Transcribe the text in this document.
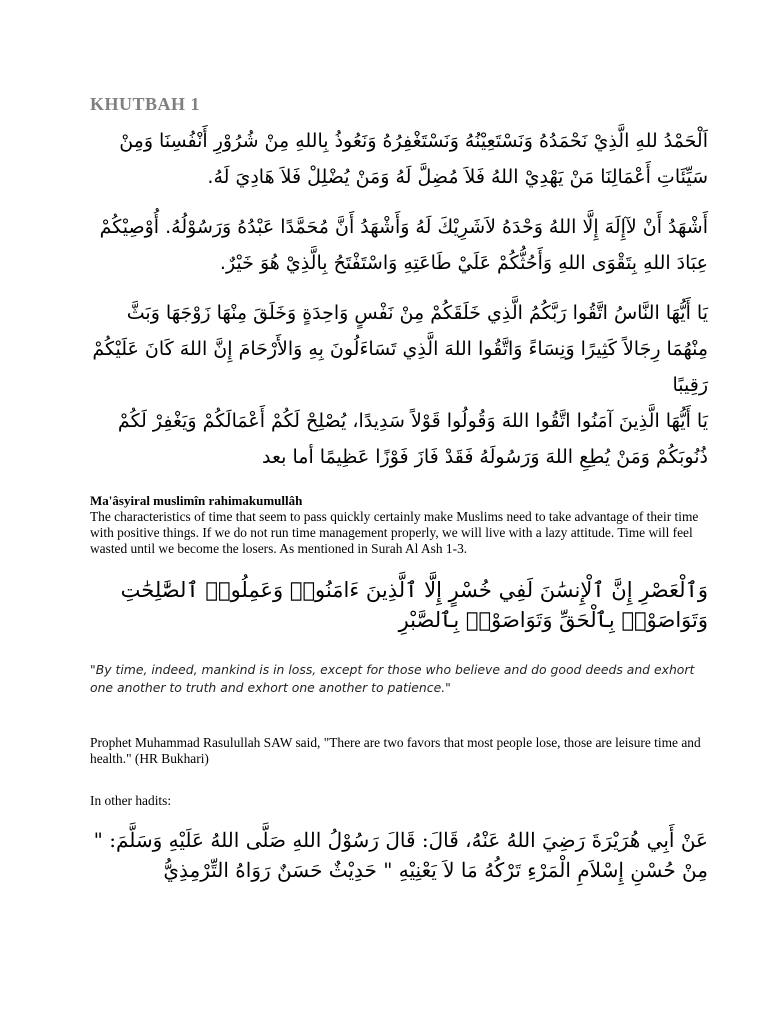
KHUTBAH 1

اَلْحَمْدُ للهِ الَّذِيْ نَحْمَدُهُ وَنَسْتَعِيْنُهُ وَنَسْتَغْفِرُهُ وَنَعُوذُ بِاللهِ مِنْ شُرُوْرِ أَنْفُسِنَا وَمِنْ سَيِّئَاتِ أَعْمَالِنَا مَنْ يَهْدِيْ اللهُ فَلاَ مُضِلَّ لَهُ وَمَنْ يُضْلِلْ فَلاَ هَادِيَ لَهُ.

أَشْهَدُ أَنْ لآإِلَهَ إِلَّا اللهُ وَحْدَهُ لاَشَرِيْكَ لَهُ وَأَشْهَدُ أَنَّ مُحَمَّدًا عَبْدُهُ وَرَسُوْلُهُ. أُوْصِيْكُمْ عِبَادَ اللهِ بِتَقْوَى اللهِ وَأَحُثُّكُمْ عَلَيْ طَاعَتِهِ وَاسْتَفْتَحُ بِالَّذِيْ هُوَ خَيْرٌ.

يَا أَيُّهَا النَّاسُ اتَّقُوا رَبَّكُمُ الَّذِي خَلَقَكُمْ مِنْ نَفْسٍ وَاحِدَةٍ وَخَلَقَ مِنْهَا زَوْجَهَا وَبَثَّ مِنْهُمَا رِجَالاً كَثِيرًا وَنِسَاءً وَاتَّقُوا اللهَ الَّذِي تَسَاءَلُونَ بِهِ وَالأَرْحَامَ إِنَّ اللهَ كَانَ عَلَيْكُمْ رَقِيبًا

يَا أَيُّهَا الَّذِينَ آمَنُوا اتَّقُوا اللهَ وَقُولُوا قَوْلاً سَدِيدًا، يُصْلِحْ لَكُمْ أَعْمَالَكُمْ وَيَغْفِرْ لَكُمْ ذُنُوبَكُمْ وَمَنْ يُطِعِ اللهَ وَرَسُولَهُ فَقَدْ فَازَ فَوْزًا عَظِيمًا أما بعد

Ma'âsyiral muslimîn rahimakumullâh

The characteristics of time that seem to pass quickly certainly make Muslims need to take advantage of their time with positive things. If we do not run time management properly, we will live with a lazy attitude. Time will feel wasted until we become the losers. As mentioned in Surah Al Ash 1-3.

وَٱلْعَصْرِ إِنَّ ٱلْإِنسَٰنَ لَفِي خُسْرٍ إِلَّا ٱلَّذِينَ ءَامَنُوا۟ وَعَمِلُوا۟ ٱلصَّٰلِحَٰتِ وَتَوَاصَوْا۟ بِٱلْحَقِّ وَتَوَاصَوْا۟ بِٱلصَّبْرِ

"By time, indeed, mankind is in loss, except for those who believe and do good deeds and exhort one another to truth and exhort one another to patience."

Prophet Muhammad Rasulullah SAW said, "There are two favors that most people lose, those are leisure time and health." (HR Bukhari)

In other hadits:

عَنْ أَبِي هُرَيْرَةَ رَضِيَ اللهُ عَنْهُ، قَالَ: قَالَ رَسُوْلُ اللهِ صَلَّى اللهُ عَلَيْهِ وَسَلَّمَ: " مِنْ حُسْنِ إِسْلاَمِ الْمَرْءِ تَرْكُهُ مَا لاَ يَعْنِيْهِ " حَدِيْثٌ حَسَنٌ رَوَاهُ التِّرْمِذِيُّ
